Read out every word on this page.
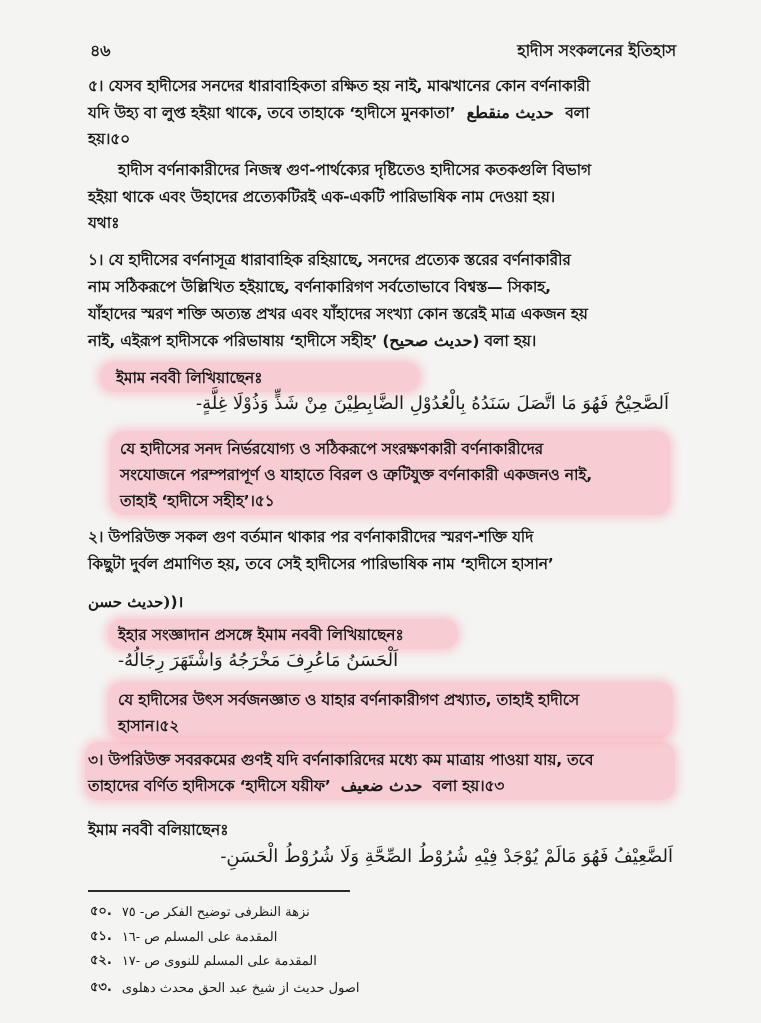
৪৬	হাদীস সংকলনের ইতিহাস
৫। যেসব হাদীসের সনদের ধারাবাহিকতা রক্ষিত হয় নাই, মাঝখানের কোন বর্ণনাকারী
যদি উহ্য বা লুপ্ত হইয়া থাকে, তবে তাহাকে ‘হাদীসে মুনকাতা’ حديث منقطع বলা
হয়।৫০
হাদীস বর্ণনাকারীদের নিজস্ব গুণ-পার্থক্যের দৃষ্টিতেও হাদীসের কতকগুলি বিভাগ
হইয়া থাকে এবং উহাদের প্রত্যেকটিরই এক-একটি পারিভাষিক নাম দেওয়া হয়।
যথাঃ
১। যে হাদীসের বর্ণনাসূত্র ধারাবাহিক রহিয়াছে, সনদের প্রত্যেক স্তরের বর্ণনাকারীর
নাম সঠিকরূপে উল্লিখিত হইয়াছে, বর্ণনাকারিগণ সর্বতোভাবে বিশ্বস্ত— সিকাহ,
যাঁহাদের স্মরণ শক্তি অত্যন্ত প্রখর এবং যাঁহাদের সংখ্যা কোন স্তরেই মাত্র একজন হয়
নাই, এইরূপ হাদীসকে পরিভাষায় ‘হাদীসে সহীহ’ (حديث صحيح) বলা হয়।
ইমাম নববী লিখিয়াছেনঃ
اَلصَّحِيْحُ فَهُوَ مَا اتَّصَلَ سَنَدُهُ بِالْعُدُوْلِ الضَّابِطِيْنَ مِنْ شَذٍّ وَذُوْلَا غِلَّةٍ-
যে হাদীসের সনদ নির্ভরযোগ্য ও সঠিকরূপে সংরক্ষণকারী বর্ণনাকারীদের
সংযোজনে পরম্পরাপূর্ণ ও যাহাতে বিরল ও ত্রুটিযুক্ত বর্ণনাকারী একজনও নাই,
তাহাই ‘হাদীসে সহীহ’।৫১
২। উপরিউক্ত সকল গুণ বর্তমান থাকার পর বর্ণনাকারীদের স্মরণ-শক্তি যদি
কিছুটা দুর্বল প্রমাণিত হয়, তবে সেই হাদীসের পারিভাষিক নাম ‘হাদীসে হাসান’
(حديث حسن)।
ইহার সংজ্ঞাদান প্রসঙ্গে ইমাম নববী লিখিয়াছেনঃ
اَلْحَسَنُ مَاعُرِفَ مَخْرَجُهُ وَاشْتَهَرَ رِجَالُهُ-
যে হাদীসের উৎস সর্বজনজ্ঞাত ও যাহার বর্ণনাকারীগণ প্রখ্যাত, তাহাই হাদীসে
হাসান।৫২
৩। উপরিউক্ত সবরকমের গুণই যদি বর্ণনাকারিদের মধ্যে কম মাত্রায় পাওয়া যায়, তবে
তাহাদের বর্ণিত হাদীসকে ‘হাদীসে যয়ীফ’ حدث ضعيف বলা হয়।৫৩
ইমাম নববী বলিয়াছেনঃ
اَلضَّعِيْفُ فَهُوَ مَالَمْ يُوْجَدْ فِيْهِ شُرُوْطُ الصِّحَّةِ وَلَا شُرُوْطُ الْحَسَنِ-
৫০. نزهة النظرفى توضيح الفكر ص- ٧٥
৫১. المقدمة على المسلم ص -١٦
৫২. المقدمة على المسلم للنووى ص -١٧
৫৩. اصول حديث از شيخ عبد الحق محدث دهلوى
